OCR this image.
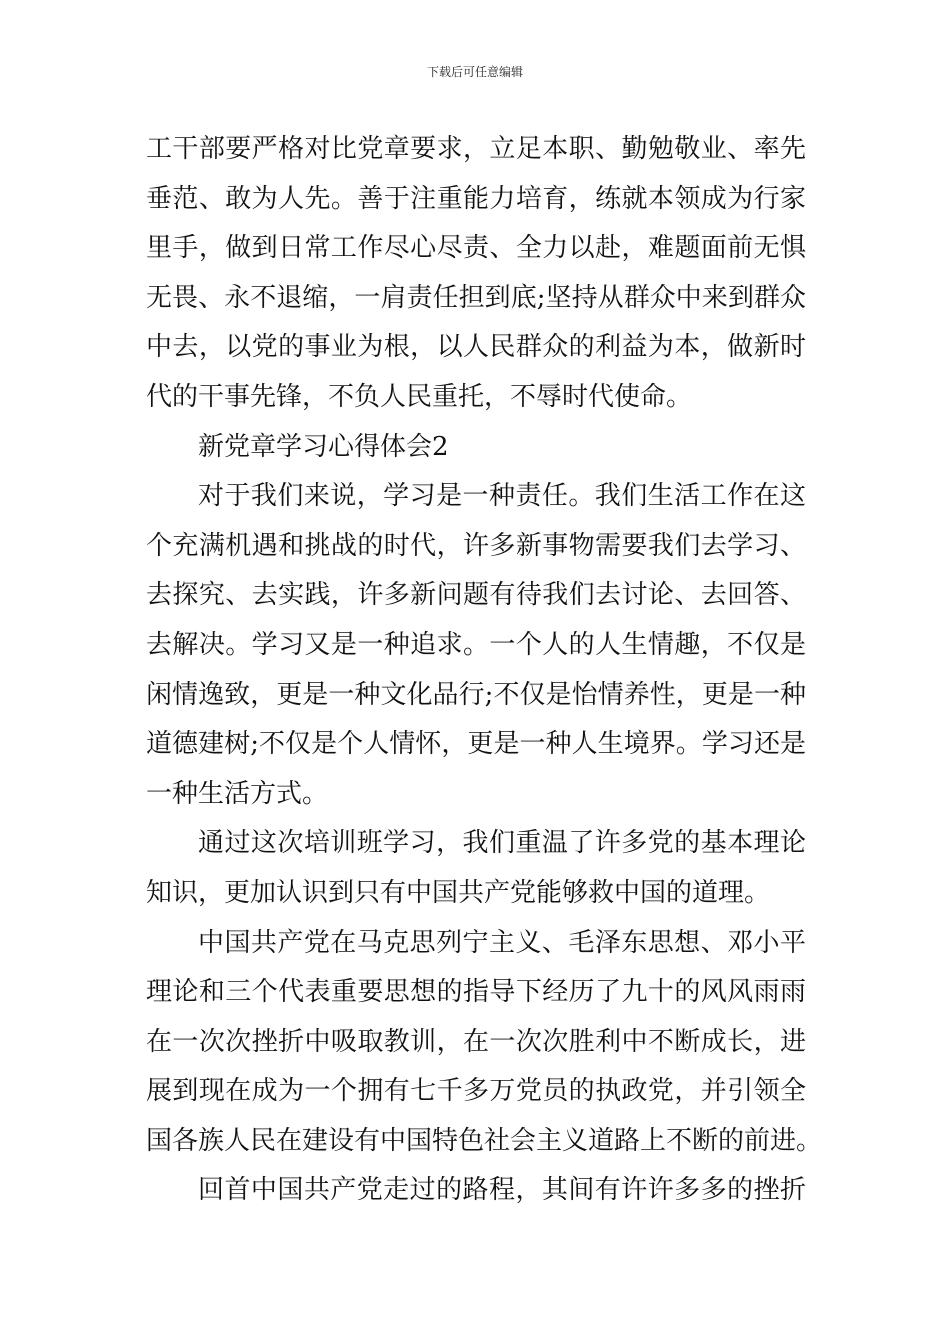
下载后可任意编辑
工干部要严格对比党章要求，立足本职、勤勉敬业、率先
垂范、敢为人先。善于注重能力培育，练就本领成为行家
里手，做到日常工作尽心尽责、全力以赴，难题面前无惧
无畏、永不退缩，一肩责任担到底;坚持从群众中来到群众
中去，以党的事业为根，以人民群众的利益为本，做新时
代的干事先锋，不负人民重托，不辱时代使命。
新党章学习心得体会2
对于我们来说，学习是一种责任。我们生活工作在这
个充满机遇和挑战的时代，许多新事物需要我们去学习、
去探究、去实践，许多新问题有待我们去讨论、去回答、
去解决。学习又是一种追求。一个人的人生情趣，不仅是
闲情逸致，更是一种文化品行;不仅是怡情养性，更是一种
道德建树;不仅是个人情怀，更是一种人生境界。学习还是
一种生活方式。
通过这次培训班学习，我们重温了许多党的基本理论
知识，更加认识到只有中国共产党能够救中国的道理。
中国共产党在马克思列宁主义、毛泽东思想、邓小平
理论和三个代表重要思想的指导下经历了九十的风风雨雨
在一次次挫折中吸取教训，在一次次胜利中不断成长，进
展到现在成为一个拥有七千多万党员的执政党，并引领全
国各族人民在建设有中国特色社会主义道路上不断的前进。
回首中国共产党走过的路程，其间有许许多多的挫折
